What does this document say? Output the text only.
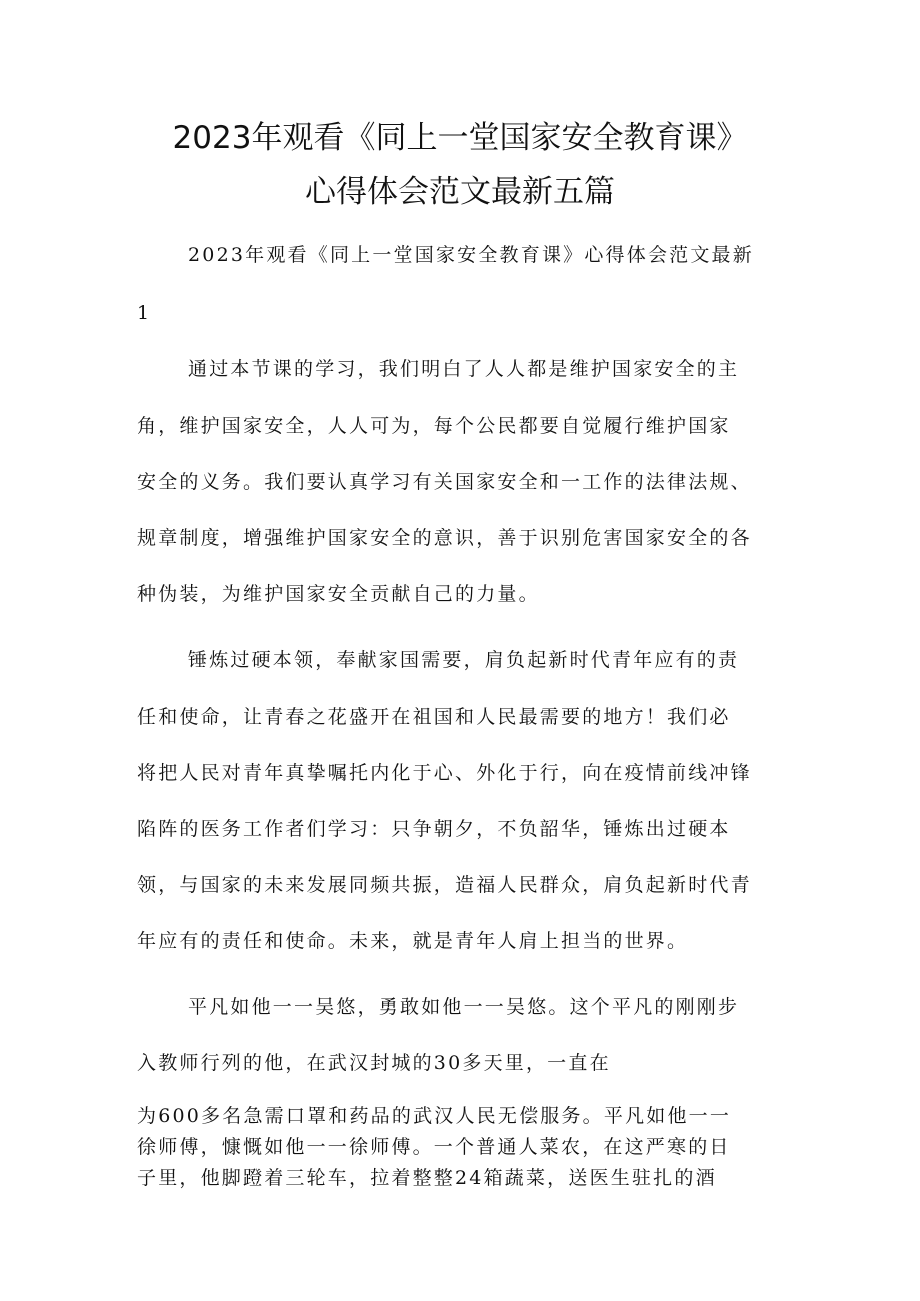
2023年观看《同上一堂国家安全教育课》
心得体会范文最新五篇
2023年观看《同上一堂国家安全教育课》心得体会范文最新
1
通过本节课的学习，我们明白了人人都是维护国家安全的主
角，维护国家安全，人人可为，每个公民都要自觉履行维护国家
安全的义务。我们要认真学习有关国家安全和一工作的法律法规、
规章制度，增强维护国家安全的意识，善于识别危害国家安全的各
种伪装，为维护国家安全贡献自己的力量。
锤炼过硬本领，奉献家国需要，肩负起新时代青年应有的责
任和使命，让青春之花盛开在祖国和人民最需要的地方！我们必
将把人民对青年真挚嘱托内化于心、外化于行，向在疫情前线冲锋
陷阵的医务工作者们学习：只争朝夕，不负韶华，锤炼出过硬本
领，与国家的未来发展同频共振，造福人民群众，肩负起新时代青
年应有的责任和使命。未来，就是青年人肩上担当的世界。
平凡如他一一吴悠，勇敢如他一一吴悠。这个平凡的刚刚步
入教师行列的他，在武汉封城的30多天里，一直在
为600多名急需口罩和药品的武汉人民无偿服务。平凡如他一一
徐师傅，慷慨如他一一徐师傅。一个普通人菜农，在这严寒的日
子里，他脚蹬着三轮车，拉着整整24箱蔬菜，送医生驻扎的酒
